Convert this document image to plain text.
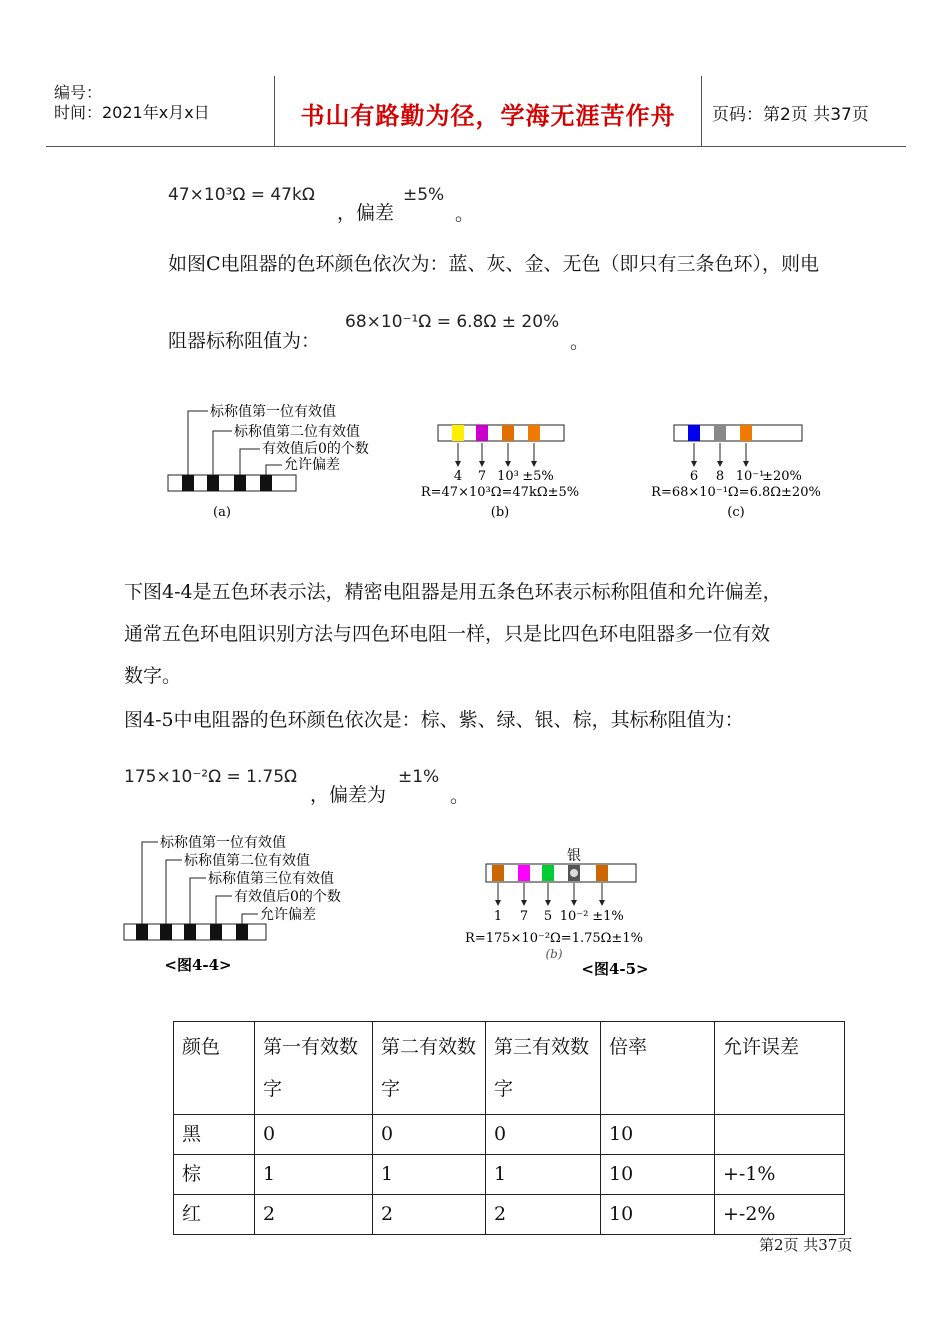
编号：
时间：2021年x月x日	书山有路勤为径，学海无涯苦作舟	页码：第2页 共37页
47×10³Ω = 47kΩ
，偏差
±5%
。
如图C电阻器的色环颜色依次为：蓝、灰、金、无色（即只有三条色环），则电
阻器标称阻值为：
68×10⁻¹Ω = 6.8Ω ± 20%
。
标称值第一位有效值
标称值第二位有效值
有效值后0的个数
允许偏差
(a)
4 7 10³ ±5%
R=47×10³Ω=47kΩ±5%
(b)
6 8 10⁻¹
±20%
R=68×10⁻¹Ω=6.8Ω±20%
(c)
下图4-4是五色环表示法，精密电阻器是用五条色环表示标称阻值和允许偏差，
通常五色环电阻识别方法与四色环电阻一样，只是比四色环电阻器多一位有效
数字。
图4-5中电阻器的色环颜色依次是：棕、紫、绿、银、棕，其标称阻值为：
175×10⁻²Ω = 1.75Ω
，偏差为
±1%
。
标称值第一位有效值
标称值第二位有效值
标称值第三位有效值
有效值后0的个数
允许偏差
<图4-4>
银
1 7 5 10⁻² ±1%
R=175×10⁻²Ω=1.75Ω±1%
(b)
<图4-5>
颜色	第一有效数字	第二有效数字	第三有效数字	倍率	允许误差
黑	0	0	0	10	
棕	1	1	1	10	+-1%
红	2	2	2	10	+-2%
第2页 共37页
